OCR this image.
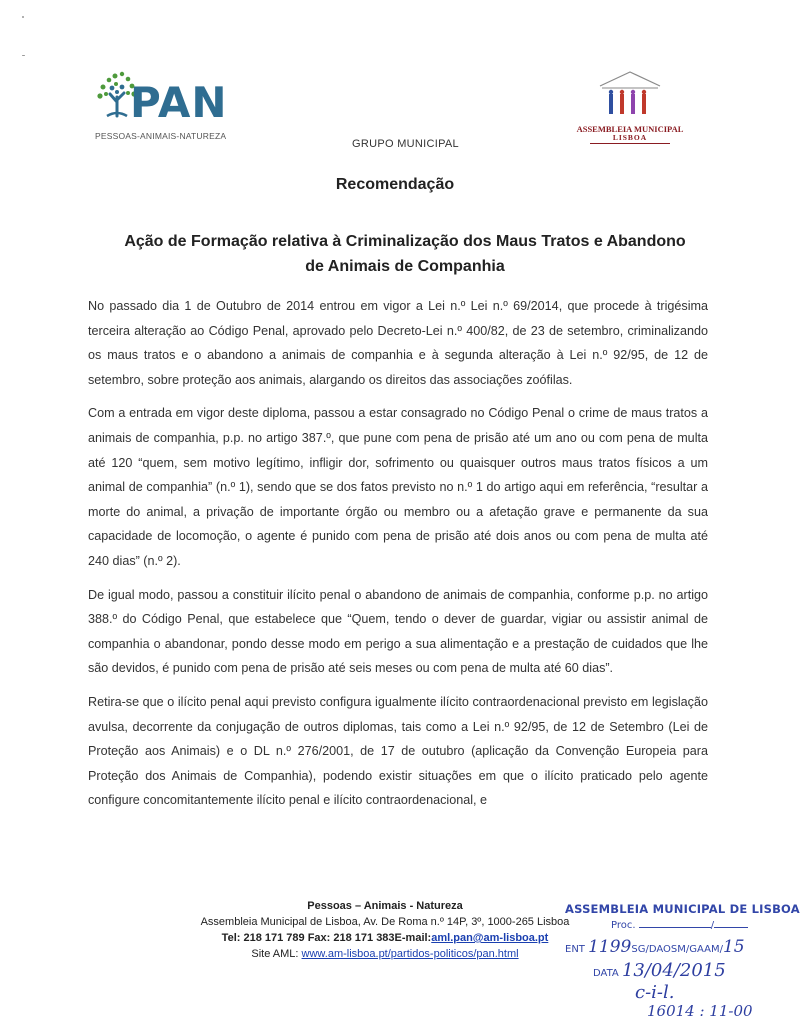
PAN
PESSOAS-ANIMAIS-NATUREZA
GRUPO MUNICIPAL
ASSEMBLEIA MUNICIPAL
LISBOA
Recomendação
Ação de Formação relativa à Criminalização dos Maus Tratos e Abandono de Animais de Companhia

No passado dia 1 de Outubro de 2014 entrou em vigor a Lei n.º Lei n.º 69/2014, que procede à trigésima terceira alteração ao Código Penal, aprovado pelo Decreto-Lei n.º 400/82, de 23 de setembro, criminalizando os maus tratos e o abandono a animais de companhia e à segunda alteração à Lei n.º 92/95, de 12 de setembro, sobre proteção aos animais, alargando os direitos das associações zoófilas.

Com a entrada em vigor deste diploma, passou a estar consagrado no Código Penal o crime de maus tratos a animais de companhia, p.p. no artigo 387.º, que pune com pena de prisão até um ano ou com pena de multa até 120 “quem, sem motivo legítimo, infligir dor, sofrimento ou quaisquer outros maus tratos físicos a um animal de companhia” (n.º 1), sendo que se dos fatos previsto no n.º 1 do artigo aqui em referência, “resultar a morte do animal, a privação de importante órgão ou membro ou a afetação grave e permanente da sua capacidade de locomoção, o agente é punido com pena de prisão até dois anos ou com pena de multa até 240 dias” (n.º 2).

De igual modo, passou a constituir ilícito penal o abandono de animais de companhia, conforme p.p. no artigo 388.º do Código Penal, que estabelece que “Quem, tendo o dever de guardar, vigiar ou assistir animal de companhia o abandonar, pondo desse modo em perigo a sua alimentação e a prestação de cuidados que lhe são devidos, é punido com pena de prisão até seis meses ou com pena de multa até 60 dias”.

Retira-se que o ilícito penal aqui previsto configura igualmente ilícito contraordenacional previsto em legislação avulsa, decorrente da conjugação de outros diplomas, tais como a Lei n.º 92/95, de 12 de Setembro (Lei de Proteção aos Animais) e o DL n.º 276/2001, de 17 de outubro (aplicação da Convenção Europeia para Proteção dos Animais de Companhia), podendo existir situações em que o ilícito praticado pelo agente configure concomitantemente ilícito penal e ilícito contraordenacional, e

Pessoas – Animais - Natureza
Assembleia Municipal de Lisboa, Av. De Roma n.º 14P, 3º, 1000-265 Lisboa
Tel: 218 171 789 Fax: 218 171 383E-mail:aml.pan@am-lisboa.pt
Site AML: www.am-lisboa.pt/partidos-politicos/pan.html
ASSEMBLEIA MUNICIPAL DE LISBOA
Proc.	/
ENT 1199SG/DAOSM/GAAM/15
DATA 13/04/2015
c-i-l.
16014 : 11-00
